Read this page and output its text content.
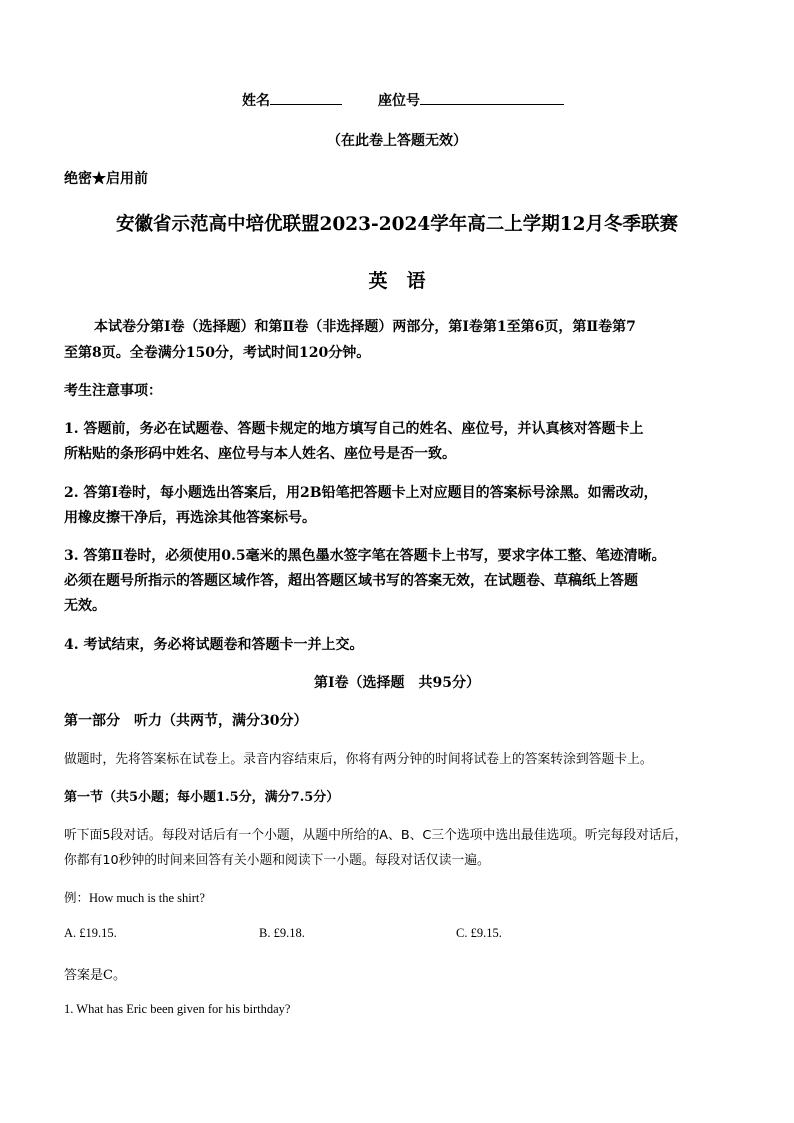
姓名	座位号
（在此卷上答题无效）
绝密★启用前
安徽省示范高中培优联盟2023-2024学年高二上学期12月冬季联赛
英　语
本试卷分第Ⅰ卷（选择题）和第Ⅱ卷（非选择题）两部分，第Ⅰ卷第1至第6页，第Ⅱ卷第7
至第8页。全卷满分150分，考试时间120分钟。
考生注意事项：
1. 答题前，务必在试题卷、答题卡规定的地方填写自己的姓名、座位号，并认真核对答题卡上
所粘贴的条形码中姓名、座位号与本人姓名、座位号是否一致。
2. 答第Ⅰ卷时，每小题选出答案后，用2B铅笔把答题卡上对应题目的答案标号涂黑。如需改动，
用橡皮擦干净后，再选涂其他答案标号。
3. 答第Ⅱ卷时，必须使用0.5毫米的黑色墨水签字笔在答题卡上书写，要求字体工整、笔迹清晰。
必须在题号所指示的答题区域作答，超出答题区域书写的答案无效，在试题卷、草稿纸上答题
无效。
4. 考试结束，务必将试题卷和答题卡一并上交。
第Ⅰ卷（选择题　共95分）
第一部分　听力（共两节，满分30分）
做题时，先将答案标在试卷上。录音内容结束后，你将有两分钟的时间将试卷上的答案转涂到答题卡上。
第一节（共5小题；每小题1.5分，满分7.5分）
听下面5段对话。每段对话后有一个小题，从题中所给的A、B、C三个选项中选出最佳选项。听完每段对话后，
你都有10秒钟的时间来回答有关小题和阅读下一小题。每段对话仅读一遍。
例：How much is the shirt?
A. £19.15.	B. £9.18.	C. £9.15.
答案是C。
1. What has Eric been given for his birthday?
